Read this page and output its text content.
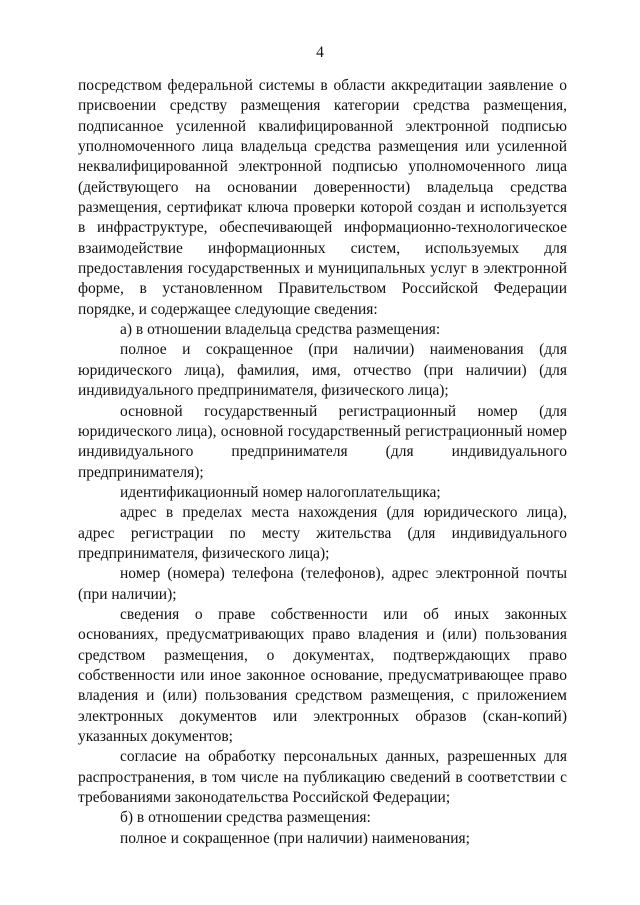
4

посредством федеральной системы в области аккредитации заявление о присвоении средству размещения категории средства размещения, подписанное усиленной квалифицированной электронной подписью уполномоченного лица владельца средства размещения или усиленной неквалифицированной электронной подписью уполномоченного лица (действующего на основании доверенности) владельца средства размещения, сертификат ключа проверки которой создан и используется в инфраструктуре, обеспечивающей информационно-технологическое взаимодействие информационных систем, используемых для предоставления государственных и муниципальных услуг в электронной форме, в установленном Правительством Российской Федерации порядке, и содержащее следующие сведения:

а) в отношении владельца средства размещения:

полное и сокращенное (при наличии) наименования (для юридического лица), фамилия, имя, отчество (при наличии) (для индивидуального предпринимателя, физического лица);

основной государственный регистрационный номер (для юридического лица), основной государственный регистрационный номер индивидуального предпринимателя (для индивидуального предпринимателя);

идентификационный номер налогоплательщика;

адрес в пределах места нахождения (для юридического лица), адрес регистрации по месту жительства (для индивидуального предпринимателя, физического лица);

номер (номера) телефона (телефонов), адрес электронной почты (при наличии);

сведения о праве собственности или об иных законных основаниях, предусматривающих право владения и (или) пользования средством размещения, о документах, подтверждающих право собственности или иное законное основание, предусматривающее право владения и (или) пользования средством размещения, с приложением электронных документов или электронных образов (скан-копий) указанных документов;

согласие на обработку персональных данных, разрешенных для распространения, в том числе на публикацию сведений в соответствии с требованиями законодательства Российской Федерации;

б) в отношении средства размещения:

полное и сокращенное (при наличии) наименования;
